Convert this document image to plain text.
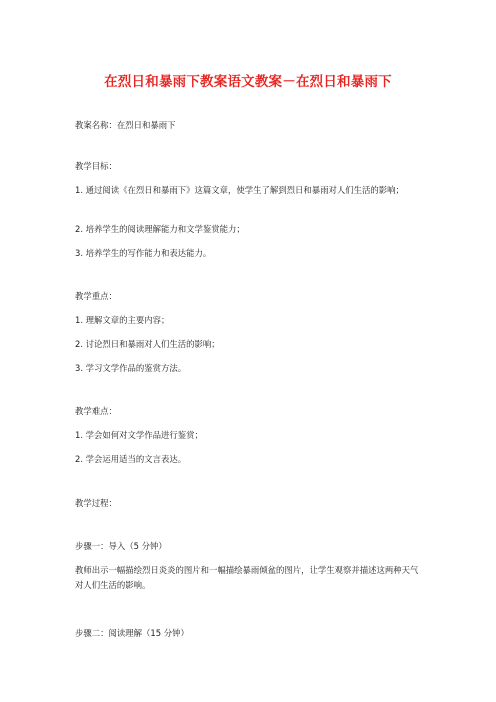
在烈日和暴雨下教案语文教案－在烈日和暴雨下
教案名称：在烈日和暴雨下
教学目标：
1. 通过阅读《在烈日和暴雨下》这篇文章，使学生了解到烈日和暴雨对人们生活的影响；
2. 培养学生的阅读理解能力和文学鉴赏能力；
3. 培养学生的写作能力和表达能力。
教学重点：
1. 理解文章的主要内容；
2. 讨论烈日和暴雨对人们生活的影响；
3. 学习文学作品的鉴赏方法。
教学难点：
1. 学会如何对文学作品进行鉴赏；
2. 学会运用适当的文言表达。
教学过程：
步骤一：导入（5 分钟）
教师出示一幅描绘烈日炎炎的图片和一幅描绘暴雨倾盆的图片，让学生观察并描述这两种天气对人们生活的影响。
步骤二：阅读理解（15 分钟）
